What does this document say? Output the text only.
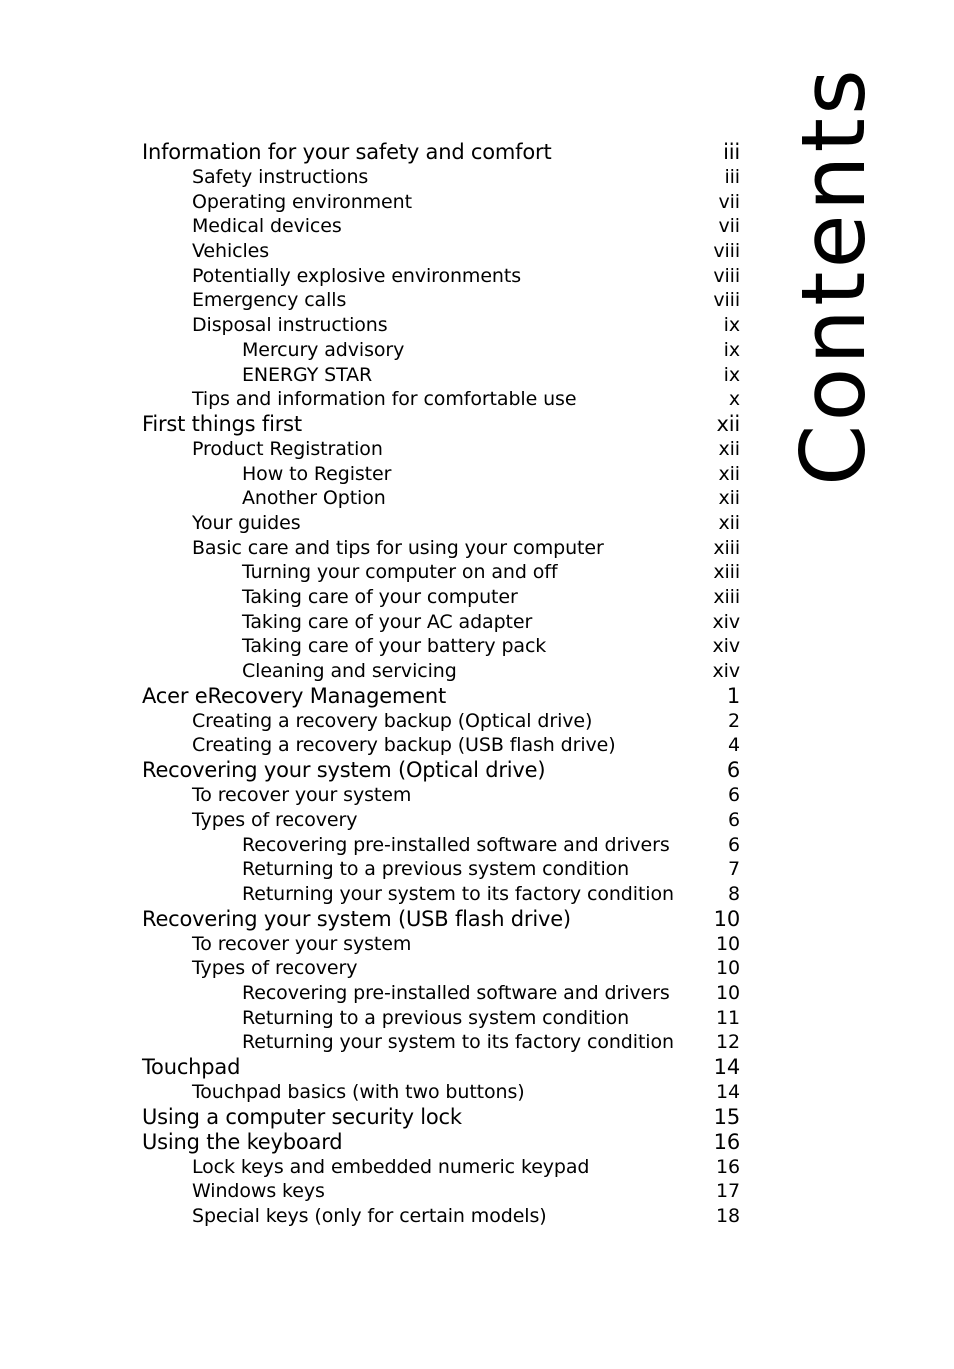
Information for your safety and comfort	iii
Safety instructions	iii
Operating environment	vii
Medical devices	vii
Vehicles	viii
Potentially explosive environments	viii
Emergency calls	viii
Disposal instructions	ix
Mercury advisory	ix
ENERGY STAR	ix
Tips and information for comfortable use	x
First things first	xii
Product Registration	xii
How to Register	xii
Another Option	xii
Your guides	xii
Basic care and tips for using your computer	xiii
Turning your computer on and off	xiii
Taking care of your computer	xiii
Taking care of your AC adapter	xiv
Taking care of your battery pack	xiv
Cleaning and servicing	xiv
Acer eRecovery Management	1
Creating a recovery backup (Optical drive)	2
Creating a recovery backup (USB flash drive)	4
Recovering your system (Optical drive)	6
To recover your system	6
Types of recovery	6
Recovering pre-installed software and drivers	6
Returning to a previous system condition	7
Returning your system to its factory condition	8
Recovering your system (USB flash drive)	10
To recover your system	10
Types of recovery	10
Recovering pre-installed software and drivers 10
Returning to a previous system condition	11
Returning your system to its factory condition 12
Touchpad	14
Touchpad basics (with two buttons)	14
Using a computer security lock	15
Using the keyboard	16
Lock keys and embedded numeric keypad	16
Windows keys	17
Special keys (only for certain models)	18
Contents
